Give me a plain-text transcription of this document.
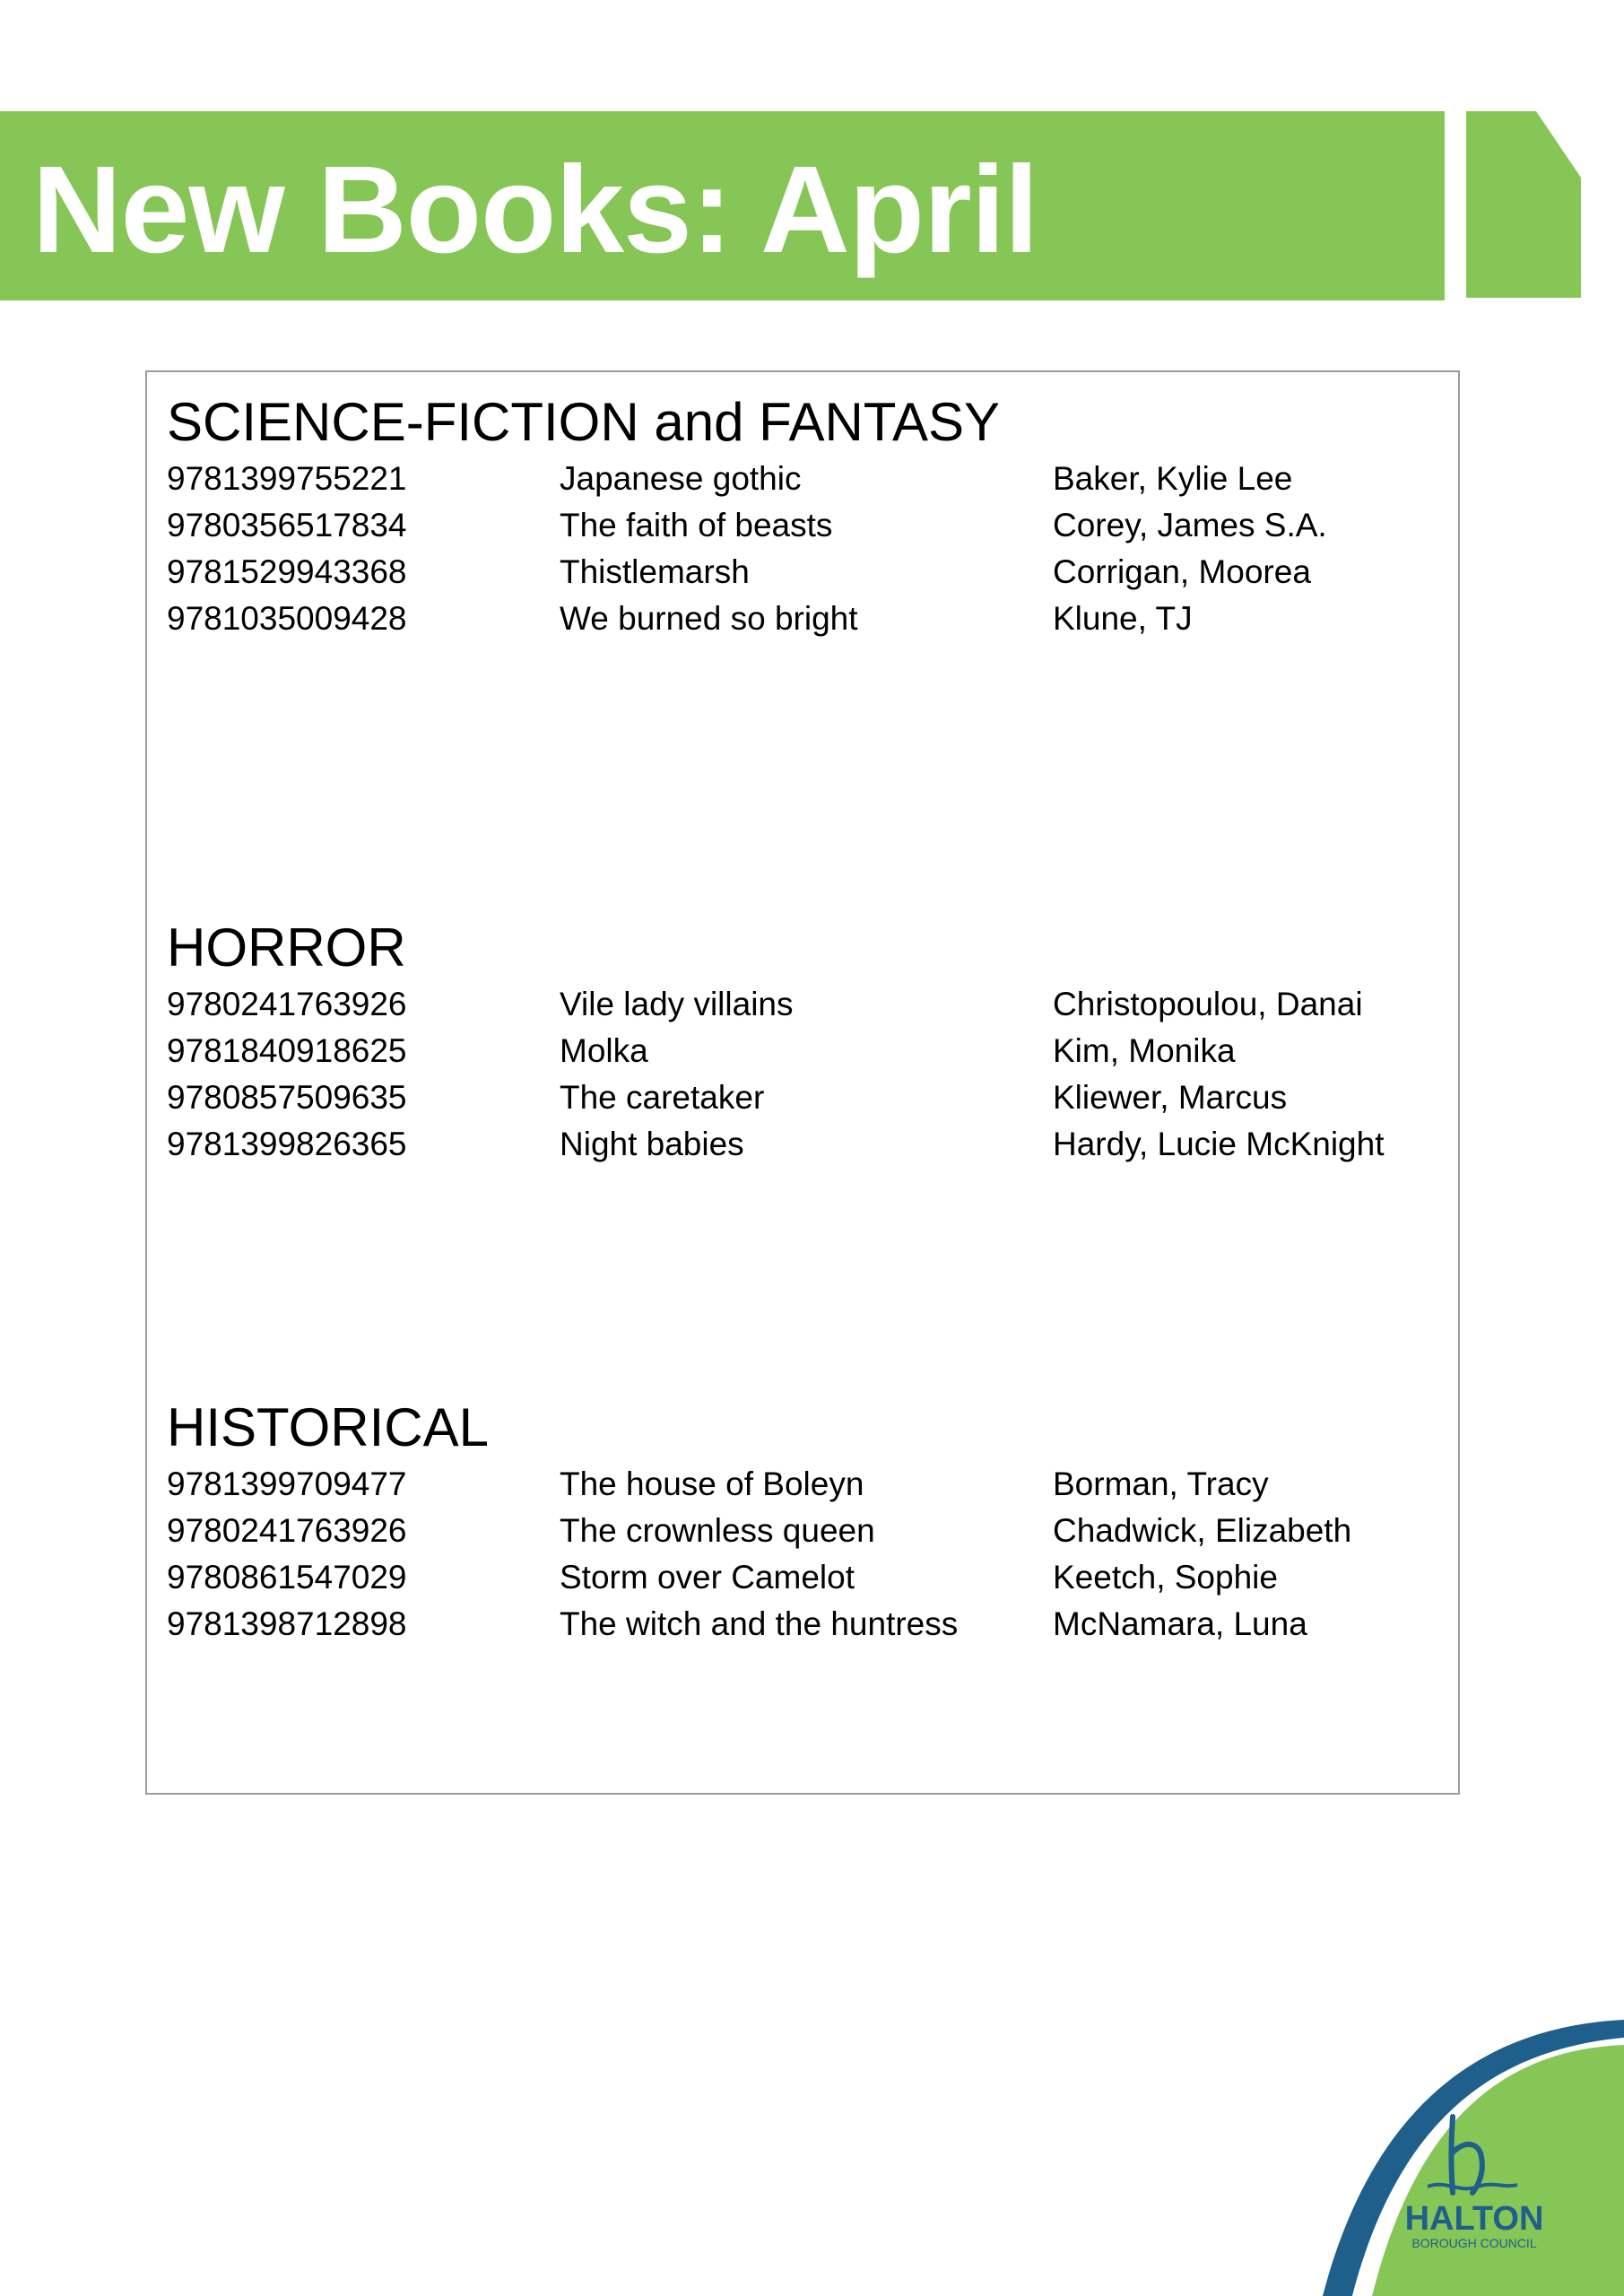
New Books: April
SCIENCE-FICTION and FANTASY
9781399755221	Japanese gothic	Baker, Kylie Lee
9780356517834	The faith of beasts	Corey, James S.A.
9781529943368	Thistlemarsh	Corrigan, Moorea
9781035009428	We burned so bright	Klune, TJ
HORROR
9780241763926	Vile lady villains	Christopoulou, Danai
9781840918625	Molka	Kim, Monika
9780857509635	The caretaker	Kliewer, Marcus
9781399826365	Night babies	Hardy, Lucie McKnight
HISTORICAL
9781399709477	The house of Boleyn	Borman, Tracy
9780241763926	The crownless queen	Chadwick, Elizabeth
9780861547029	Storm over Camelot	Keetch, Sophie
9781398712898	The witch and the huntress	McNamara, Luna
HALTON
BOROUGH COUNCIL
